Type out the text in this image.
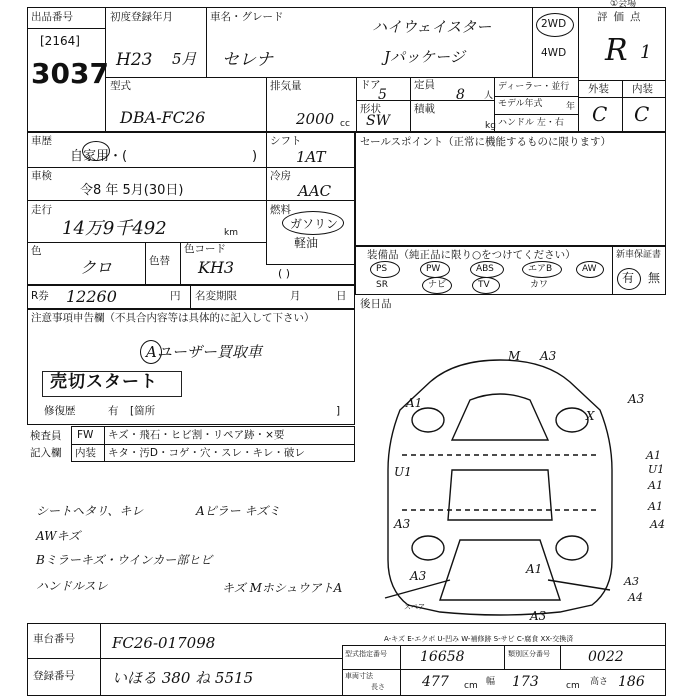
出品番号
[2164]
3037
初度登録年月
H23 5月
車名・グレード
セレナ
ハイウェイスター
Jパッケージ
2WD
4WD
①会場
評価点
R 1
型式
DBA-FC26
排気量
2000 cc
ドア
5
定員
8 人
形状
SW
積載
kg
ディーラー・並行
モデル年式	年
ハンドル 左・右
外装 内装
C C
車歴
自家用・(	)
シフト
1AT
車検
令8 年 5月(30日)
冷房
AAC
走行
14万9千492	km
燃料
ガソリン
軽油
( )
色
クロ	色替
色コード
KH3
R券 12260	円 名変期限	月	日
セールスポイント（正常に機能するものに限ります）
装備品（純正品に限り○をつけてください）	新車保証書
有 無
PS	PW	ABS	エアB	AW
SR	ナビ	TV	カワ
後日品
注意事項申告欄（不具合内容等は具体的に記入して下さい）
Aユーザー買取車
売切スタート
修復歴	有 [箇所	]
検査員
記入欄
FW キズ・飛石・ヒビ割・リペア跡・×要
内装 キタ・汚D・コゲ・穴・スレ・キレ・破レ
シートヘタリ、キレ	Aピラー キズミ
AWキズ
Bミラーキズ・ウインカー部ヒビ
ハンドルスレ	キズ MホシュウアトA
M A3
A1
X
A3
U1
A3
A1
A3
A1
A4
U1
A1
A1
A3
A4
A3
スペア
A-キズ E-エクボ U-凹み W-補修跡 S-サビ C-腐食 XX-交換済
車台番号 FC26-017098
登録番号 いほる 380 ね 5515
型式指定番号 16658	類別区分番号	0022
車両寸法
長さ	477 cm 幅 173	cm 高さ 186
